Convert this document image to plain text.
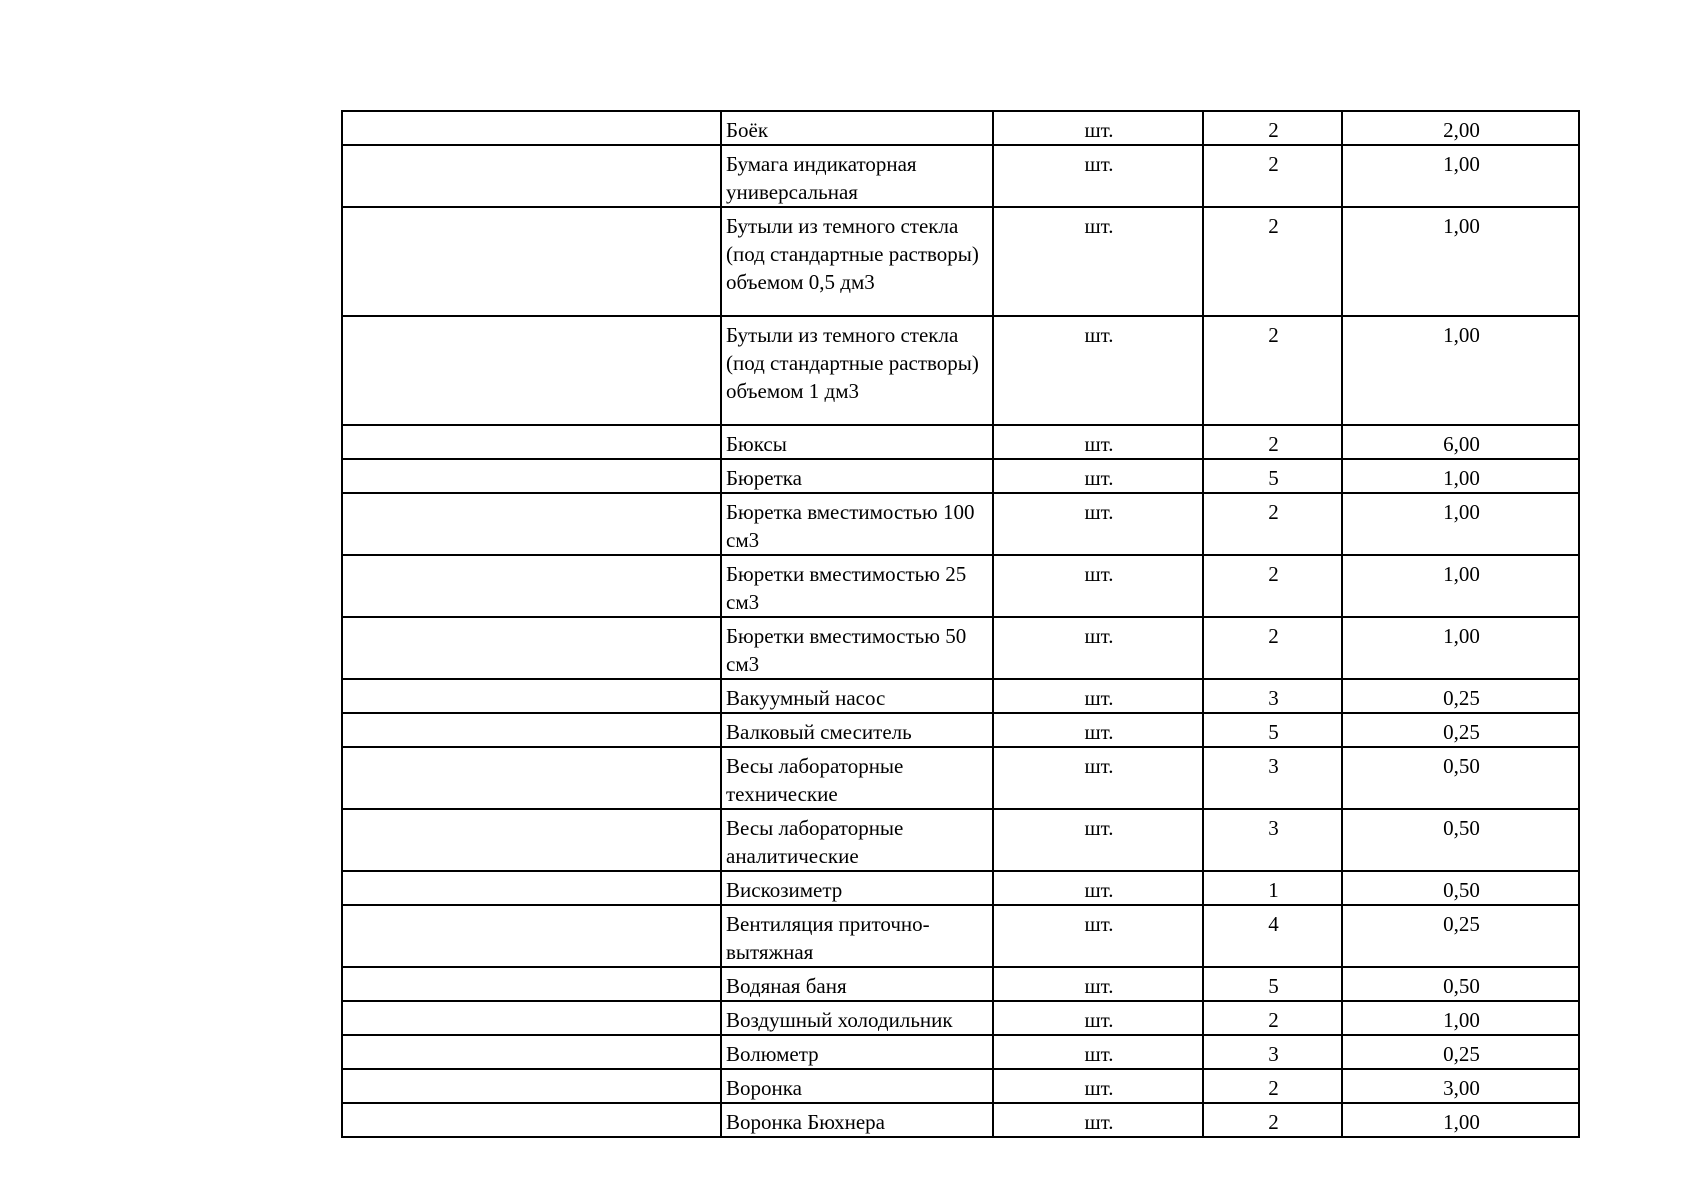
	Боёк	шт.	2	2,00
	Бумага индикаторная универсальная	шт.	2	1,00
	Бутыли из темного стекла (под стандартные растворы) объемом 0,5 дм3	шт.	2	1,00
	Бутыли из темного стекла (под стандартные растворы) объемом 1 дм3	шт.	2	1,00
	Бюксы	шт.	2	6,00
	Бюретка	шт.	5	1,00
	Бюретка вместимостью 100 см3	шт.	2	1,00
	Бюретки вместимостью 25 см3	шт.	2	1,00
	Бюретки вместимостью 50 см3	шт.	2	1,00
	Вакуумный насос	шт.	3	0,25
	Валковый смеситель	шт.	5	0,25
	Весы лабораторные технические	шт.	3	0,50
	Весы лабораторные аналитические	шт.	3	0,50
	Вискозиметр	шт.	1	0,50
	Вентиляция приточно-вытяжная	шт.	4	0,25
	Водяная баня	шт.	5	0,50
	Воздушный холодильник	шт.	2	1,00
	Волюметр	шт.	3	0,25
	Воронка	шт.	2	3,00
	Воронка Бюхнера	шт.	2	1,00
